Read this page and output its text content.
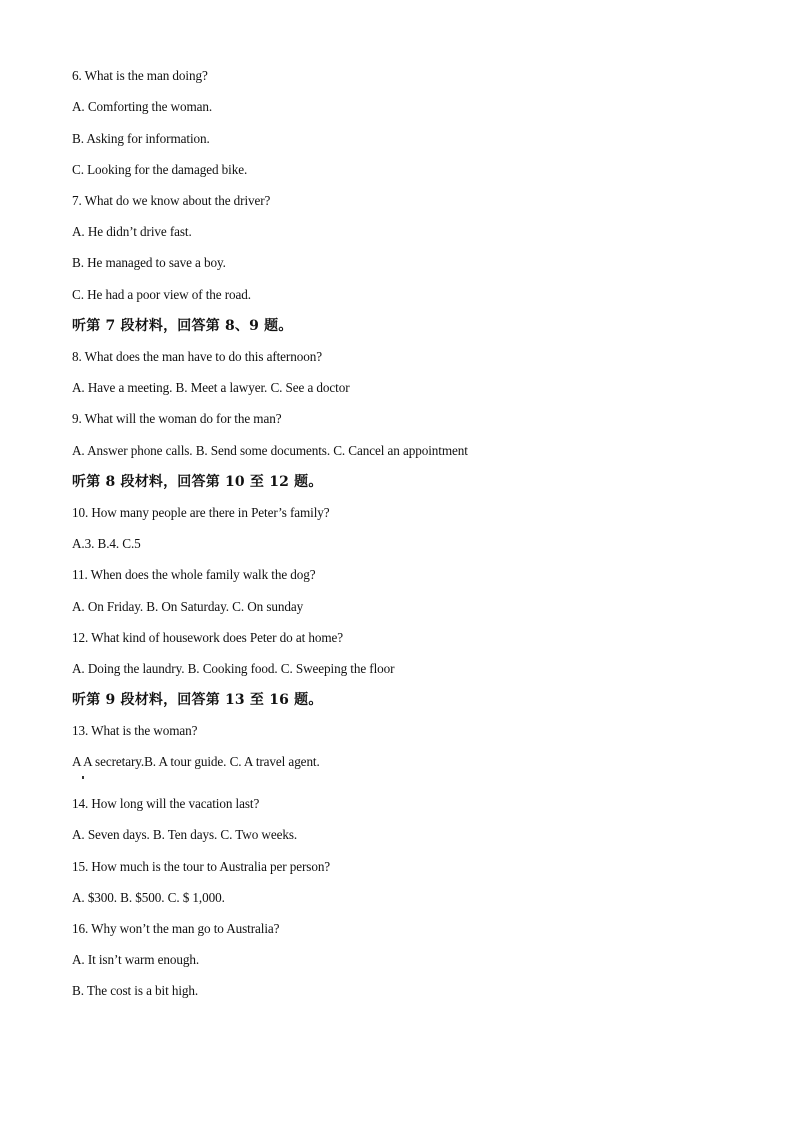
6. What is the man doing?
A. Comforting the woman.
B. Asking for information.
C. Looking for the damaged bike.
7. What do we know about the driver?
A. He didn’t drive fast.
B. He managed to save a boy.
C. He had a poor view of the road.
听第 7 段材料，回答第 8、9 题。
8. What does the man have to do this afternoon?
A. Have a meeting. B. Meet a lawyer. C. See a doctor
9. What will the woman do for the man?
A. Answer phone calls. B. Send some documents. C. Cancel an appointment
听第 8 段材料，回答第 10 至 12 题。
10. How many people are there in Peter’s family?
A.3. B.4. C.5
11. When does the whole family walk the dog?
A. On Friday. B. On Saturday. C. On sunday
12. What kind of housework does Peter do at home?
A. Doing the laundry. B. Cooking food. C. Sweeping the floor
听第 9 段材料，回答第 13 至 16 题。
13. What is the woman?
A A secretary.B. A tour guide. C. A travel agent.
14. How long will the vacation last?
A. Seven days. B. Ten days. C. Two weeks.
15. How much is the tour to Australia per person?
A. $300. B. $500. C. $ 1,000.
16. Why won’t the man go to Australia?
A. It isn’t warm enough.
B. The cost is a bit high.
